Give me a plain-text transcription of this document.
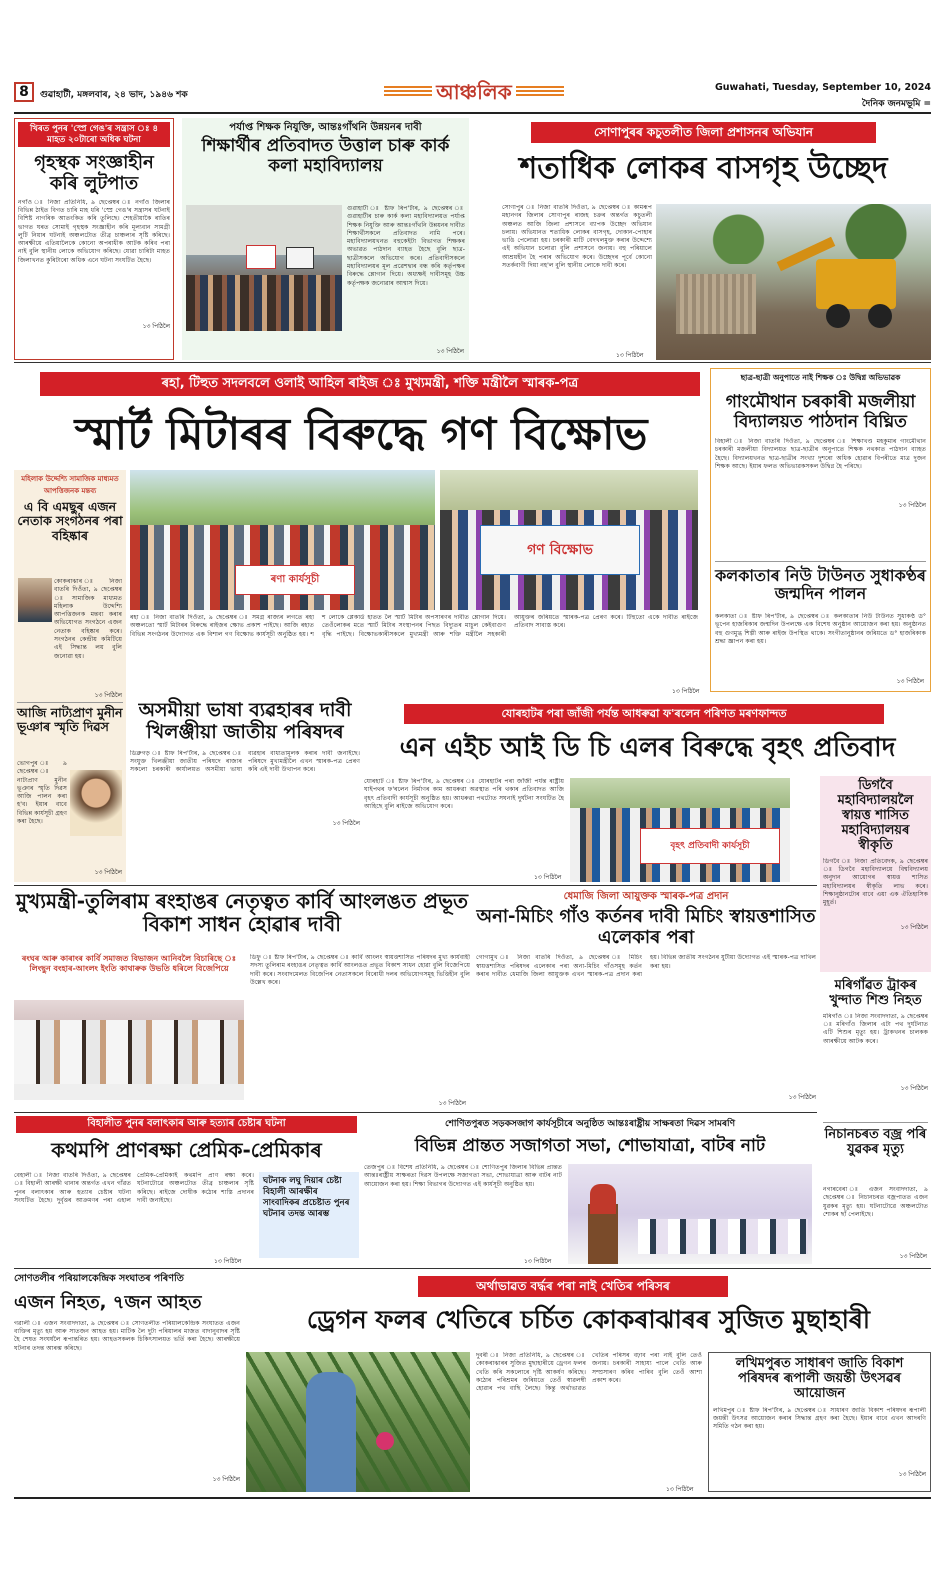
8	গুৱাহাটী, মঙ্গলবাৰ, ২৪ ভাদ, ১৯৪৬ শক	আঞ্চলিক	Guwahati, Tuesday, September 10, 2024
দৈনিক জনমভূমি =
খিৰত পুনৰ 'স্প্ৰে গেঙ'ৰ সন্ত্ৰাস ঃ ৪ মাহত ২০টাৰো অধিক ঘটনা
গৃহস্থক সংজ্ঞাহীন কৰি লুটপাত
নগাঁও ঃ নিজা প্ৰতিনিধি, ৯ ছেপ্তেম্বৰ ঃ নগাঁও জিলাৰ বিভিন্ন ঠাইত বিগত চাৰি মাহ ধৰি 'স্প্ৰে গেঙ'ৰ সন্ত্ৰাসৰ ঘটনাই বিশিষ্ট নাগৰিক আতংকিত কৰি তুলিছে। শেহতীয়াকৈ ৰাতিৰ ভাগত ঘৰত সোমাই গৃহস্থক সংজ্ঞাহীন কৰি মূল্যবান সামগ্ৰী লুটি নিয়াৰ ঘটনাই অঞ্চলটোত তীব্ৰ চাঞ্চল্যৰ সৃষ্টি কৰিছে। আৰক্ষীয়ে এতিয়ালৈকে কোনো অপৰাধীক আটক কৰিব পৰা নাই বুলি স্থানীয় লোকে অভিযোগ কৰিছে। যোৱা চাৰিটা মাহত জিলাখনত কুৰিটাৰো অধিক এনে ঘটনা সংঘটিত হৈছে।
১৩ পিঠিলৈ
পৰ্যাপ্ত শিক্ষক নিযুক্তি, আন্তঃগাঁথনি উন্নয়নৰ দাবী
শিক্ষাৰ্থীৰ প্ৰতিবাদত উত্তাল চাৰু কাৰ্ক কলা মহাবিদ্যালয়
গুৱাহাটী ঃ ষ্টাফ ৰিপ'ৰ্টাৰ, ৯ ছেপ্তেম্বৰ ঃ গুৱাহাটীৰ চাৰু কাৰ্ক কলা মহাবিদ্যালয়ত পৰ্যাপ্ত শিক্ষক নিযুক্তি আৰু আন্তঃগাঁথনি উন্নয়নৰ দাবীত শিক্ষাৰ্থীসকলে প্ৰতিবাদত নামি পৰে। মহাবিদ্যালয়খনত বহুকেইটা বিভাগত শিক্ষকৰ অভাৱত পাঠদান ব্যাহত হৈছে বুলি ছাত্ৰ-ছাত্ৰীসকলে অভিযোগ কৰে। প্ৰতিবাদীসকলে মহাবিদ্যালয়ৰ মূল প্ৰৱেশদ্বাৰ বন্ধ কৰি কৰ্তৃপক্ষৰ বিৰুদ্ধে শ্লোগান দিয়ে। অধ্যক্ষই দাবীসমূহ উচ্চ কৰ্তৃপক্ষক জনোৱাৰ আশ্বাস দিয়ে।
১৩ পিঠিলৈ
সোণাপুৰৰ কচুতলীত জিলা প্ৰশাসনৰ অভিযান
শতাধিক লোকৰ বাসগৃহ উচ্ছেদ
সোণাপুৰ ঃ নিজা বাতৰি দিওঁতা, ৯ ছেপ্তেম্বৰ ঃ কামৰূপ মহানগৰ জিলাৰ সোণাপুৰ ৰাজহ চক্ৰৰ অন্তৰ্গত কচুতলী অঞ্চলত আজি জিলা প্ৰশাসনে ব্যাপক উচ্ছেদ অভিযান চলায়। অভিযানত শতাধিক লোকৰ বাসগৃহ, দোকান-পোহাৰ ভাঙি পেলোৱা হয়। চৰকাৰী মাটি বেদখলমুক্ত কৰাৰ উদ্দেশ্যে এই অভিযান চলোৱা বুলি প্ৰশাসনে জনায়। বহু পৰিয়ালে আশ্ৰয়হীন হৈ পৰাৰ অভিযোগ কৰে। উচ্ছেদৰ পূৰ্বে কোনো সতৰ্কবাণী দিয়া নহ'ল বুলি স্থানীয় লোকে দাবী কৰে।
১৩ পিঠিলৈ
ৰহা, টিহুত সদলবলে ওলাই আহিল ৰাইজ ঃ মুখ্যমন্ত্ৰী, শক্তি মন্ত্ৰীলৈ স্মাৰক-পত্ৰ
স্মাৰ্ট মিটাৰৰ বিৰুদ্ধে গণ বিক্ষোভ
ৰণা কাৰ্যসূচী
গণ বিক্ষোভ
ৰহা ঃ নিজা বাতৰি দিওঁতা, ৯ ছেপ্তেম্বৰ ঃ সমগ্ৰ ৰাজ্যৰ লগতে ৰহা অঞ্চলতো স্মাৰ্ট মিটাৰৰ বিৰুদ্ধে ৰাইজৰ ক্ষোভ প্ৰকাশ পাইছে। আজি ৰহাত বিভিন্ন সংগঠনৰ উদ্যোগত এক বিশাল গণ বিক্ষোভ কাৰ্যসূচী অনুষ্ঠিত হয়। শ শ লোকে প্লেকাৰ্ড হাতত লৈ স্মাৰ্ট মিটাৰ অপসাৰণৰ দাবীত শ্লোগান দিয়ে। তেওঁলোকৰ মতে স্মাৰ্ট মিটাৰ সংস্থাপনৰ পিছত বিদ্যুতৰ মাচুল কেইবাগুণ বৃদ্ধি পাইছে। বিক্ষোভকাৰীসকলে মুখ্যমন্ত্ৰী আৰু শক্তি মন্ত্ৰীলৈ সহকাৰী আয়ুক্তৰ জৰিয়তে স্মাৰক-পত্ৰ প্ৰেৰণ কৰে। টিহুতো একে দাবীত ৰাইজে প্ৰতিবাদ সাব্যস্ত কৰে।
১৩ পিঠিলৈ
ছাত্ৰ-ছাত্ৰী অনুপাতে নাই শিক্ষক ঃ উদ্বিগ্ন অভিভাৱক
গাংমৌথান চৰকাৰী মজলীয়া বিদ্যালয়ত পাঠদান বিঘ্নিত
বিহালী ঃ নিজা বাতৰি দিওঁতা, ৯ ছেপ্তেম্বৰ ঃ শিক্ষাখণ্ড মহকুমাৰ গাংমৌথান চৰকাৰী মজলীয়া বিদ্যালয়ত ছাত্ৰ-ছাত্ৰীৰ অনুপাতে শিক্ষক নথকাত পাঠদান ব্যাহত হৈছে। বিদ্যালয়খনত ছাত্ৰ-ছাত্ৰীৰ সংখ্যা দুশৰো অধিক হোৱাৰ বিপৰীতে মাত্ৰ দুজন শিক্ষক আছে। ইয়াৰ ফলত অভিভাৱকসকল উদ্বিগ্ন হৈ পৰিছে।
১৩ পিঠিলৈ
কলকাতাৰ নিউ টাউনত সুধাকণ্ঠৰ জন্মদিন পালন
কলকাতা ঃ ষ্টাফ ৰিপ'ৰ্টাৰ, ৯ ছেপ্তেম্বৰ ঃ কলকাতাৰ নিউ টাউনত সুধাকণ্ঠ ড° ভূপেন হাজৰিকাৰ জন্মদিন উপলক্ষে এক বিশেষ অনুষ্ঠান আয়োজন কৰা হয়। অনুষ্ঠানত বহু গুণমুগ্ধ শিল্পী আৰু ৰাইজ উপস্থিত থাকে। সংগীতানুষ্ঠানৰ জৰিয়তে ড° হাজৰিকাক শ্ৰদ্ধা জ্ঞাপন কৰা হয়।
১৩ পিঠিলৈ
মহিলাক উদ্দেশ্যি সামাজিক মাধ্যমত আপত্তিজনক মন্তব্য
এ বি এমছুৰ এজন নেতাক সংগঠনৰ পৰা বহিষ্কাৰ
কোকৰাঝাৰ ঃ নিজা বাতৰি দিওঁতা, ৯ ছেপ্তেম্বৰ ঃ সামাজিক মাধ্যমত মহিলাক উদ্দেশ্যি আপত্তিজনক মন্তব্য কৰাৰ অভিযোগত সংগঠনে এজন নেতাক বহিষ্কাৰ কৰে। সংগঠনৰ কেন্দ্ৰীয় কমিটিয়ে এই সিদ্ধান্ত লয় বুলি জনোৱা হয়।
১৩ পিঠিলৈ
আজি নাট্যপ্ৰাণ মুনীন ভূঞাৰ স্মৃতি দিৱস
ভোগপুৰ ঃ ৯ ছেপ্তেম্বৰ ঃ নাট্যপ্ৰাণ মুনীন ভূঞাৰ স্মৃতি দিৱস আজি পালন কৰা হ'ব। ইয়াৰ বাবে বিভিন্ন কাৰ্যসূচী গ্ৰহণ কৰা হৈছে।
১৩ পিঠিলৈ
অসমীয়া ভাষা ব্যৱহাৰৰ দাবী খিলঞ্জীয়া জাতীয় পৰিষদৰ
ডিব্ৰুগড় ঃ ষ্টাফ ৰিপ'ৰ্টাৰ, ৯ ছেপ্তেম্বৰ ঃ সংযুক্ত খিলঞ্জীয়া জাতীয় পৰিষদে ৰাজ্যৰ সকলো চৰকাৰী কাৰ্যালয়ত অসমীয়া ভাষা ব্যৱহাৰ বাধ্যতামূলক কৰাৰ দাবী জনাইছে। পৰিষদে মুখ্যমন্ত্ৰীলৈ এখন স্মাৰক-পত্ৰ প্ৰেৰণ কৰি এই দাবী উত্থাপন কৰে।
১৩ পিঠিলৈ
যোৰহাটৰ পৰা জাঁজী পৰ্যন্ত আধৰুৱা ফ'ৰলেন পৰিণত মৰণফান্দত
এন এইচ আই ডি চি এলৰ বিৰুদ্ধে বৃহৎ প্ৰতিবাদ
যোৰহাট ঃ ষ্টাফ ৰিপ'ৰ্টাৰ, ৯ ছেপ্তেম্বৰ ঃ যোৰহাটৰ পৰা জাঁজী পৰ্যন্ত ৰাষ্ট্ৰীয় ঘাইপথৰ ফ'ৰলেন নিৰ্মাণৰ কাম আধৰুৱা অৱস্থাত পৰি থকাৰ প্ৰতিবাদত আজি বৃহৎ প্ৰতিবাদী কাৰ্যসূচী অনুষ্ঠিত হয়। আধৰুৱা পথটোত সঘনাই দুৰ্ঘটনা সংঘটিত হৈ আহিছে বুলি ৰাইজে অভিযোগ কৰে।
১৩ পিঠিলৈ
বৃহৎ প্ৰতিবাদী কাৰ্যসূচী
ডিগবৈ মহাবিদ্যালয়লৈ স্বায়ত্ত শাসিত মহাবিদ্যালয়ৰ স্বীকৃতি
ডিগবৈ ঃ নিজা প্ৰতিবেদক, ৯ ছেপ্তেম্বৰ ঃ ডিগবৈ মহাবিদ্যালয়ে বিশ্ববিদ্যালয় অনুদান আয়োগৰ স্বায়ত্ত শাসিত মহাবিদ্যালয়ৰ স্বীকৃতি লাভ কৰে। শিক্ষানুষ্ঠানটোৰ বাবে এয়া এক ঐতিহাসিক মুহূৰ্ত।
১৩ পিঠিলৈ
মুখ্যমন্ত্ৰী-তুলিৰাম ৰংহাঙৰ নেতৃত্বত কাৰ্বি আংলঙত প্ৰভূত বিকাশ সাধন হোৱাৰ দাবী
ৰংঘৰ আৰু কাৰাংৰ কাৰ্বি সমাজত বিভাজন আনিবলৈ বিচাৰিছে ঃ লিংছুন বংহাৰ-আংলং ইংতি কাথাৰুক উভতি ধৰিলে বিজেপিয়ে
ডিফু ঃ ষ্টাফ ৰিপ'ৰ্টাৰ, ৯ ছেপ্তেম্বৰ ঃ কাৰ্বি আংলং স্বায়ত্তশাসিত পৰিষদৰ মুখ্য কাৰ্যবাহী সদস্য তুলিৰাম ৰংহাঙৰ নেতৃত্বত কাৰ্বি আংলঙত প্ৰভূত বিকাশ সাধন হোৱা বুলি বিজেপিয়ে দাবী কৰে। সংবাদমেলত বিজেপিৰ নেতাসকলে বিৰোধী দলৰ অভিযোগসমূহ ভিত্তিহীন বুলি উল্লেখ কৰে।
১৩ পিঠিলৈ
ধেমাজি জিলা আয়ুক্তক স্মাৰক-পত্ৰ প্ৰদান
অনা-মিচিং গাঁও কৰ্তনৰ দাবী মিচিং স্বায়ত্তশাসিত এলেকাৰ পৰা
গোগামুখ ঃ নিজা বাতৰি দিওঁতা, ৯ ছেপ্তেম্বৰ ঃ মিচিং স্বায়ত্তশাসিত পৰিষদৰ এলেকাৰ পৰা অনা-মিচিং গাঁওসমূহ কৰ্তন কৰাৰ দাবীত ধেমাজি জিলা আয়ুক্তক এখন স্মাৰক-পত্ৰ প্ৰদান কৰা হয়। বিভিন্ন জাতীয় সংগঠনৰ যুটীয়া উদ্যোগত এই স্মাৰক-পত্ৰ দাখিল কৰা হয়।
১৩ পিঠিলৈ
মৰিগাঁৱত ট্ৰাকৰ খুন্দাত শিশু নিহত
মৰিগাঁও ঃ নিজা সংবাদদাতা, ৯ ছেপ্তেম্বৰ ঃ মৰিগাঁও জিলাৰ এটা পথ দুৰ্ঘটনাত এটি শিশুৰ মৃত্যু হয়। ট্ৰাকখনৰ চালকক আৰক্ষীয়ে আটক কৰে।
১৩ পিঠিলৈ
নিচানচৰত বজ্ৰ পৰি যুৱকৰ মৃত্যু
নগাৰবেৰা ঃ এজন সংবাদদাতা, ৯ ছেপ্তেম্বৰ ঃ নিচানচৰত বজ্ৰপাতত এজন যুৱকৰ মৃত্যু হয়। ঘটনাটোৱে অঞ্চলটোত শোকৰ ছাঁ পেলাইছে।
১৩ পিঠিলৈ
বিহালীত পুনৰ বলাৎকাৰ আৰু হত্যাৰ চেষ্টাৰ ঘটনা
কথমপি প্ৰাণৰক্ষা প্ৰেমিক-প্ৰেমিকাৰ
বেহালী ঃ নিজা বাতৰি দিওঁতা, ৯ ছেপ্তেম্বৰ ঃ বিহালী আৰক্ষী থানাৰ অন্তৰ্গত এখন গাঁৱত পুনৰ বলাৎকাৰ আৰু হত্যাৰ চেষ্টাৰ ঘটনা সংঘটিত হৈছে। দুৰ্বৃত্তৰ আক্ৰমণৰ পৰা এহাল প্ৰেমিক-প্ৰেমিকাই কথমপি প্ৰাণ ৰক্ষা কৰে। ঘটনাটোৱে অঞ্চলটোত তীব্ৰ চাঞ্চল্যৰ সৃষ্টি কৰিছে। ৰাইজে দোষীক কঠোৰ শাস্তি প্ৰদানৰ দাবী জনাইছে।
ঘটনাক লঘু দিয়াৰ চেষ্টা বিহালী আৰক্ষীৰ সাংবাদিকৰ প্ৰচেষ্টাত পুনৰ ঘটনাৰ তদন্ত আৰম্ভ
১৩ পিঠিলৈ
শোণিতপুৰত সড়কসজাগ কাৰ্যসূচীৰে অনুষ্ঠিত আন্তঃৰাষ্ট্ৰীয় সাক্ষৰতা দিৱস সামৰণি
বিভিন্ন প্ৰান্তত সজাগতা সভা, শোভাযাত্ৰা, বাটৰ নাট
তেজপুৰ ঃ বিশেষ প্ৰতিনিধি, ৯ ছেপ্তেম্বৰ ঃ শোণিতপুৰ জিলাৰ বিভিন্ন প্ৰান্তত আন্তঃৰাষ্ট্ৰীয় সাক্ষৰতা দিৱস উপলক্ষে সজাগতা সভা, শোভাযাত্ৰা আৰু বাটৰ নাট আয়োজন কৰা হয়। শিক্ষা বিভাগৰ উদ্যোগত এই কাৰ্যসূচী অনুষ্ঠিত হয়।
১৩ পিঠিলৈ
সোণতলীৰ পৰিয়ালকেন্দ্ৰিক সংঘাতৰ পৰিণতি
এজন নিহত, ৭জন আহত
গৱালী ঃ এজন সংবাদদাতা, ৯ ছেপ্তেম্বৰ ঃ সোণতলীত পৰিয়ালকেন্দ্ৰিক সংঘাতত এজন ব্যক্তিৰ মৃত্যু হয় আৰু সাতজন আহত হয়। মাটিক লৈ দুটা পৰিয়ালৰ মাজত বাদানুবাদৰ সৃষ্টি হৈ শেষত সংঘৰ্ষলৈ ৰূপান্তৰিত হয়। আহতসকলক চিকিৎসালয়ত ভৰ্তি কৰা হৈছে। আৰক্ষীয়ে ঘটনাৰ তদন্ত আৰম্ভ কৰিছে।
১৩ পিঠিলৈ
অৰ্থাভাৱত বৰ্দ্ধৰ পৰা নাই খেতিৰ পৰিসৰ
ড্ৰেগন ফলৰ খেতিৰে চৰ্চিত কোকৰাঝাৰৰ সুজিত মুছাহাৰী
দুবৰী ঃ নিজা প্ৰতিনিধি, ৯ ছেপ্তেম্বৰ ঃ কোকৰাঝাৰৰ সুজিত মুছাহাৰীয়ে ড্ৰেগন ফলৰ খেতি কৰি সকলোৰে দৃষ্টি আকৰ্ষণ কৰিছে। কঠোৰ পৰিশ্ৰমৰ জৰিয়তে তেওঁ স্বাৱলম্বী হোৱাৰ পথ বাছি লৈছে। কিন্তু অৰ্থাভাৱত খেতিৰ পৰিসৰ বঢ়াব পৰা নাই বুলি তেওঁ জনায়। চৰকাৰী সাহায্য পালে খেতি আৰু সম্প্ৰসাৰণ কৰিব পাৰিব বুলি তেওঁ আশা প্ৰকাশ কৰে।
১৩ পিঠিলৈ
লখিমপুৰত সাধাৰণ জাতি বিকাশ পৰিষদৰ ৰূপালী জয়ন্তী উৎসৱৰ আয়োজন
লখিমপুৰ ঃ ষ্টাফ ৰিপ'ৰ্টাৰ, ৯ ছেপ্তেম্বৰ ঃ সাধাৰণ জাতি বিকাশ পৰিষদৰ ৰূপালী জয়ন্তী উৎসৱ আয়োজন কৰাৰ সিদ্ধান্ত গ্ৰহণ কৰা হৈছে। ইয়াৰ বাবে এখন আদৰণি সমিতি গঠন কৰা হয়।
১৩ পিঠিলৈ
